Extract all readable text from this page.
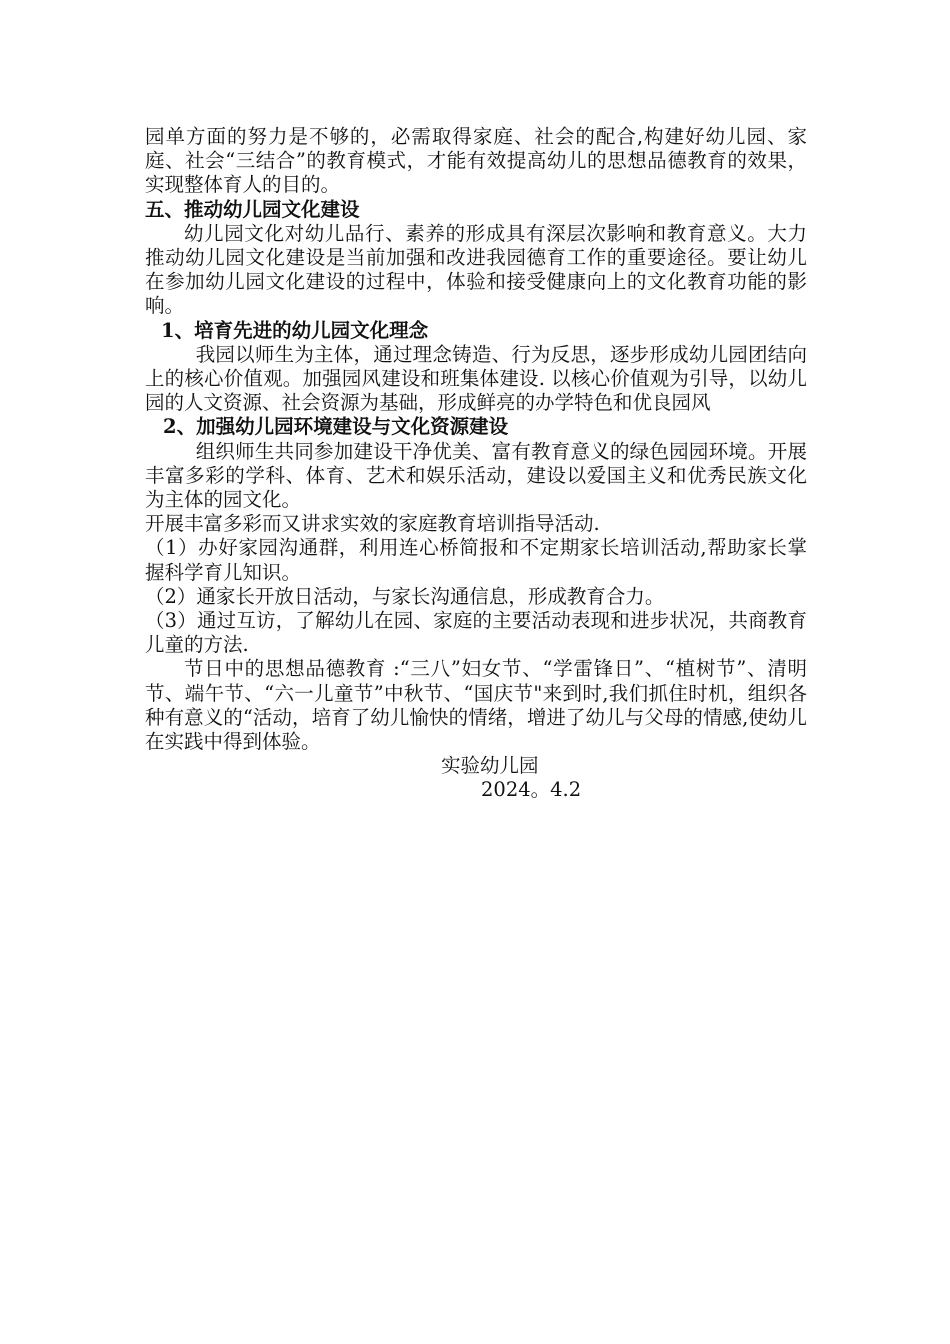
园单方面的努力是不够的，必需取得家庭、社会的配合,构建好幼儿园、家庭、社会“三结合”的教育模式，才能有效提高幼儿的思想品德教育的效果，实现整体育人的目的。

五、推动幼儿园文化建设

幼儿园文化对幼儿品行、素养的形成具有深层次影响和教育意义。大力推动幼儿园文化建设是当前加强和改进我园德育工作的重要途径。要让幼儿在参加幼儿园文化建设的过程中，体验和接受健康向上的文化教育功能的影响。

1、培育先进的幼儿园文化理念

我园以师生为主体，通过理念铸造、行为反思，逐步形成幼儿园团结向上的核心价值观。加强园风建设和班集体建设. 以核心价值观为引导，以幼儿园的人文资源、社会资源为基础，形成鲜亮的办学特色和优良园风

2、加强幼儿园环境建设与文化资源建设

组织师生共同参加建设干净优美、富有教育意义的绿色园园环境。开展丰富多彩的学科、体育、艺术和娱乐活动，建设以爱国主义和优秀民族文化为主体的园文化。

开展丰富多彩而又讲求实效的家庭教育培训指导活动.

（1）办好家园沟通群，利用连心桥简报和不定期家长培训活动,帮助家长掌握科学育儿知识。

（2）通家长开放日活动，与家长沟通信息，形成教育合力。

（3）通过互访，了解幼儿在园、家庭的主要活动表现和进步状况，共商教育儿童的方法.

节日中的思想品德教育 :“三八”妇女节、“学雷锋日”、“植树节”、清明节、端午节、“六一儿童节”中秋节、“国庆节"来到时,我们抓住时机，组织各种有意义的“活动，培育了幼儿愉快的情绪，增进了幼儿与父母的情感,使幼儿在实践中得到体验。

实验幼儿园

2024。4.2
